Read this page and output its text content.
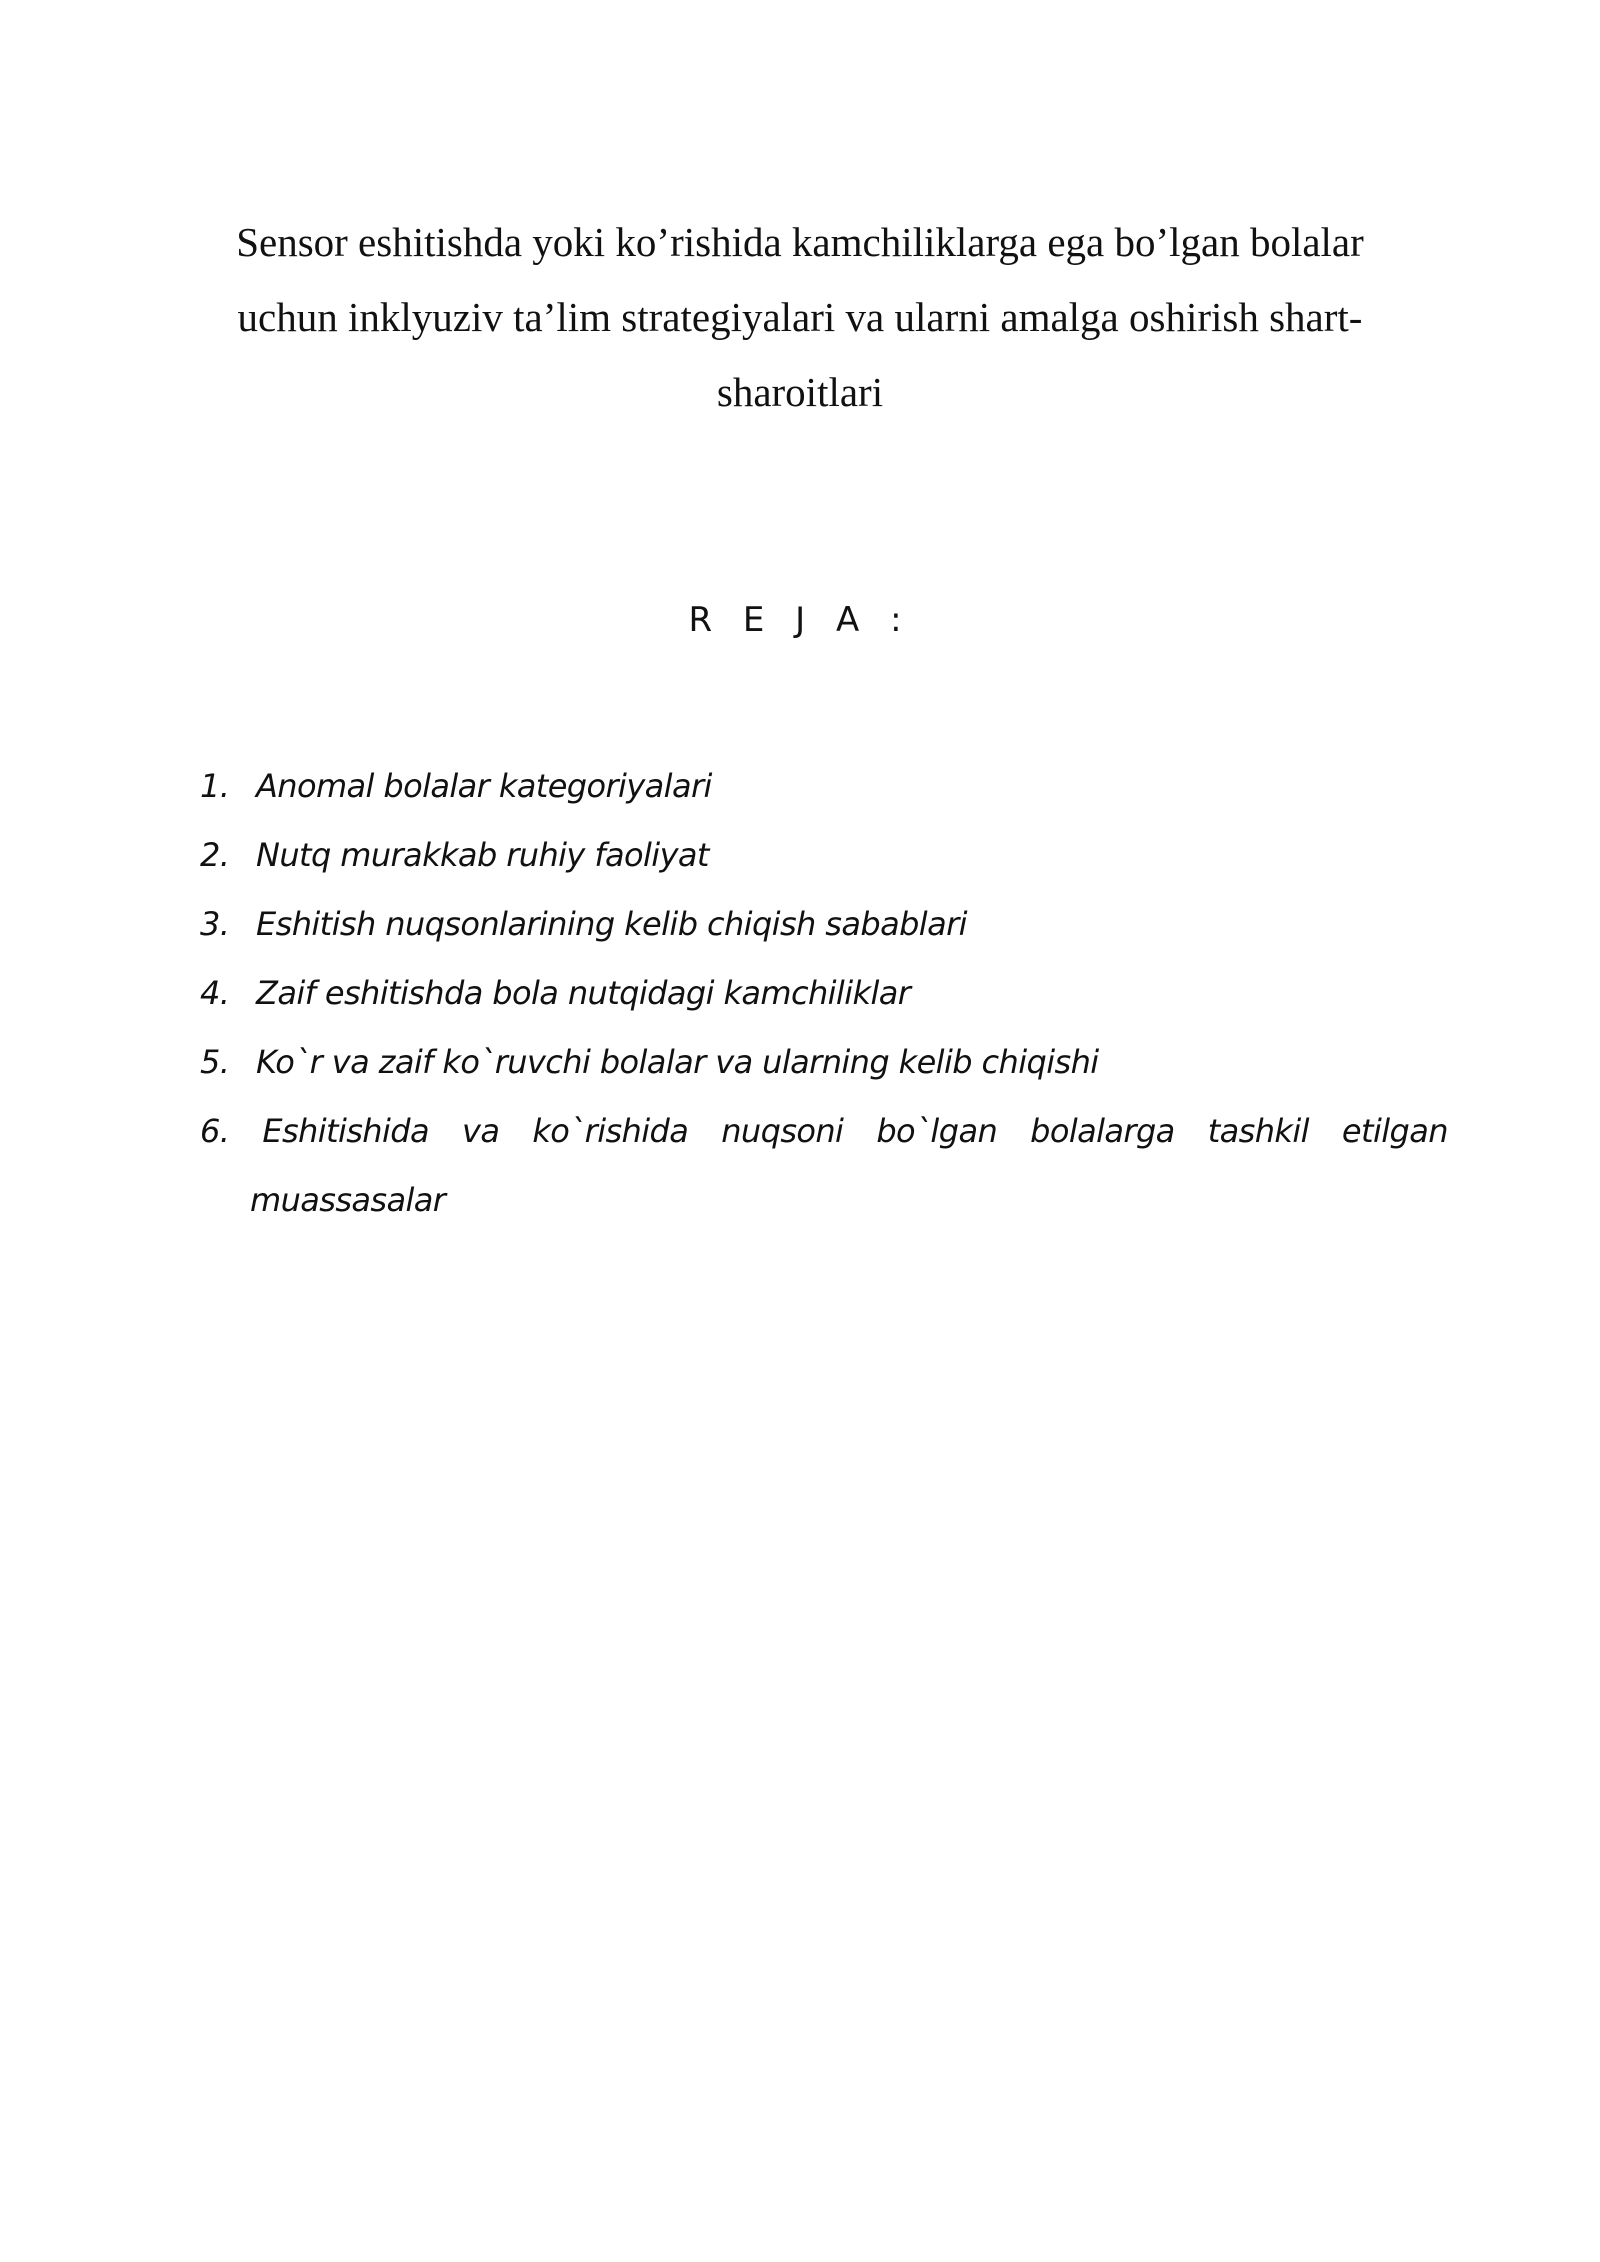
Sensor eshitishda yoki ko’rishida kamchiliklarga ega bo’lgan bolalar
uchun inklyuziv ta’lim strategiyalari va ularni amalga oshirish shart-
sharoitlari
R E J A :
1. Anomal bolalar kategoriyalari
2. Nutq murakkab ruhiy faoliyat
3. Eshitish nuqsonlarining kelib chiqish sabablari
4. Zaif eshitishda bola nutqidagi kamchiliklar
5. Ko`r va zaif ko`ruvchi bolalar va ularning kelib chiqishi
6. Eshitishida va ko`rishida nuqsoni bo`lgan bolalarga tashkil etilgan
muassasalar
